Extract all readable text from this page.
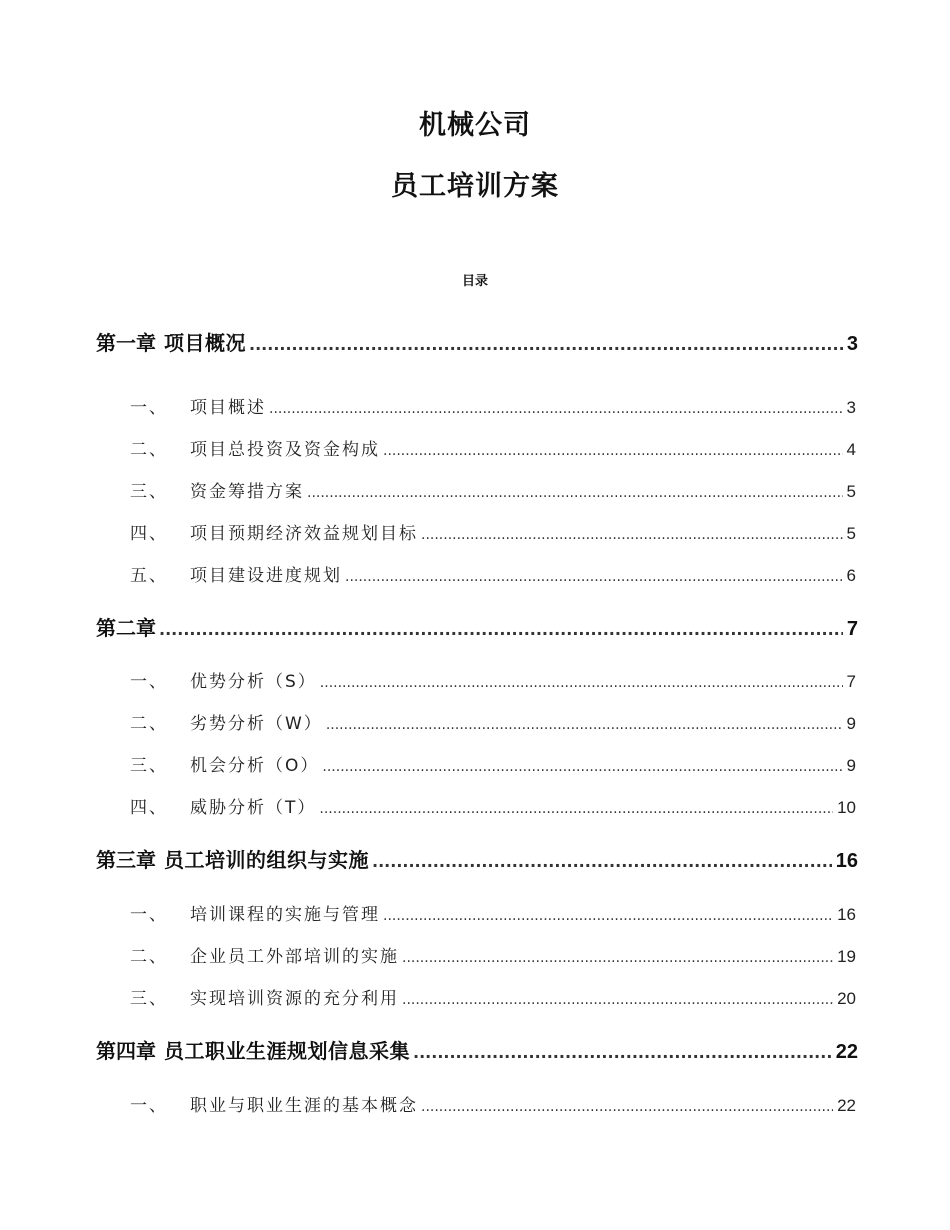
机械公司
员工培训方案
目录
第一章 项目概况 .....	3
一、 项目概述 .....	3
二、 项目总投资及资金构成 .....	4
三、 资金筹措方案 .....	5
四、 项目预期经济效益规划目标 .....	5
五、 项目建设进度规划 .....	6
第二章 .....	7
一、 优势分析（S） .....	7
二、 劣势分析（W） .....	9
三、 机会分析（O） .....	9
四、 威胁分析（T） .....	10
第三章 员工培训的组织与实施 .....	16
一、 培训课程的实施与管理 .....	16
二、 企业员工外部培训的实施 .....	19
三、 实现培训资源的充分利用 .....	20
第四章 员工职业生涯规划信息采集 .....	22
一、 职业与职业生涯的基本概念 .....	22
